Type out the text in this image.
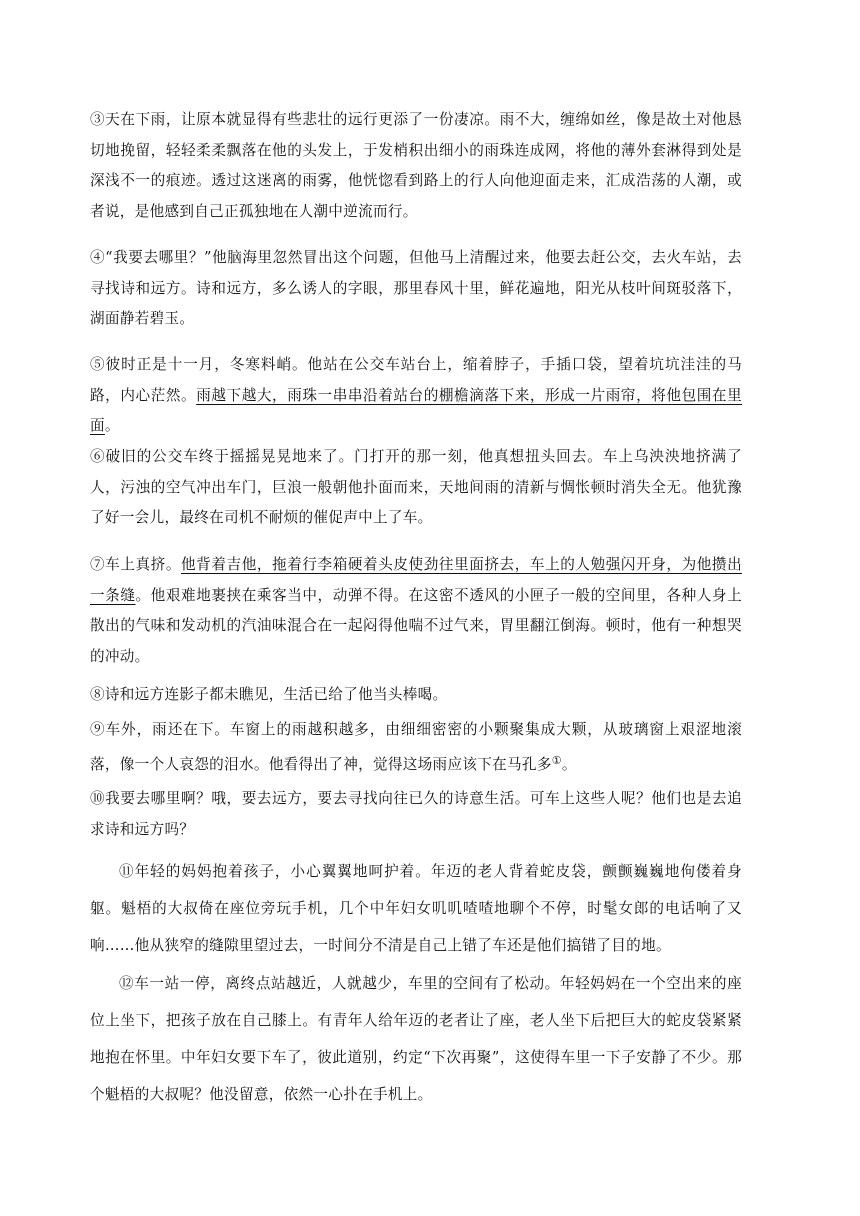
③天在下雨，让原本就显得有些悲壮的远行更添了一份凄凉。雨不大，缠绵如丝，像是故土对他恳切地挽留，轻轻柔柔飘落在他的头发上，于发梢积出细小的雨珠连成网，将他的薄外套淋得到处是深浅不一的痕迹。透过这迷离的雨雾，他恍惚看到路上的行人向他迎面走来，汇成浩荡的人潮，或者说，是他感到自己正孤独地在人潮中逆流而行。

④“我要去哪里？”他脑海里忽然冒出这个问题，但他马上清醒过来，他要去赶公交，去火车站，去寻找诗和远方。诗和远方，多么诱人的字眼，那里春风十里，鲜花遍地，阳光从枝叶间斑驳落下，湖面静若碧玉。

⑤彼时正是十一月，冬寒料峭。他站在公交车站台上，缩着脖子，手插口袋，望着坑坑洼洼的马路，内心茫然。雨越下越大，雨珠一串串沿着站台的棚檐滴落下来，形成一片雨帘，将他包围在里面。

⑥破旧的公交车终于摇摇晃晃地来了。门打开的那一刻，他真想扭头回去。车上乌泱泱地挤满了人，污浊的空气冲出车门，巨浪一般朝他扑面而来，天地间雨的清新与惆怅顿时消失全无。他犹豫了好一会儿，最终在司机不耐烦的催促声中上了车。

⑦车上真挤。他背着吉他，拖着行李箱硬着头皮使劲往里面挤去，车上的人勉强闪开身，为他攒出一条缝。他艰难地裹挟在乘客当中，动弹不得。在这密不透风的小匣子一般的空间里，各种人身上散出的气味和发动机的汽油味混合在一起闷得他喘不过气来，胃里翻江倒海。顿时，他有一种想哭的冲动。

⑧诗和远方连影子都未瞧见，生活已给了他当头棒喝。

⑨车外，雨还在下。车窗上的雨越积越多，由细细密密的小颗聚集成大颗，从玻璃窗上艰涩地滚落，像一个人哀怨的泪水。他看得出了神，觉得这场雨应该下在马孔多①。

⑩我要去哪里啊？哦，要去远方，要去寻找向往已久的诗意生活。可车上这些人呢？他们也是去追求诗和远方吗？

⑪年轻的妈妈抱着孩子，小心翼翼地呵护着。年迈的老人背着蛇皮袋，颤颤巍巍地佝偻着身躯。魁梧的大叔倚在座位旁玩手机，几个中年妇女叽叽喳喳地聊个不停，时髦女郎的电话响了又响……他从狭窄的缝隙里望过去，一时间分不清是自己上错了车还是他们搞错了目的地。

⑫车一站一停，离终点站越近，人就越少，车里的空间有了松动。年轻妈妈在一个空出来的座位上坐下，把孩子放在自己膝上。有青年人给年迈的老者让了座，老人坐下后把巨大的蛇皮袋紧紧地抱在怀里。中年妇女要下车了，彼此道别，约定“下次再聚”，这使得车里一下子安静了不少。那个魁梧的大叔呢？他没留意，依然一心扑在手机上。
